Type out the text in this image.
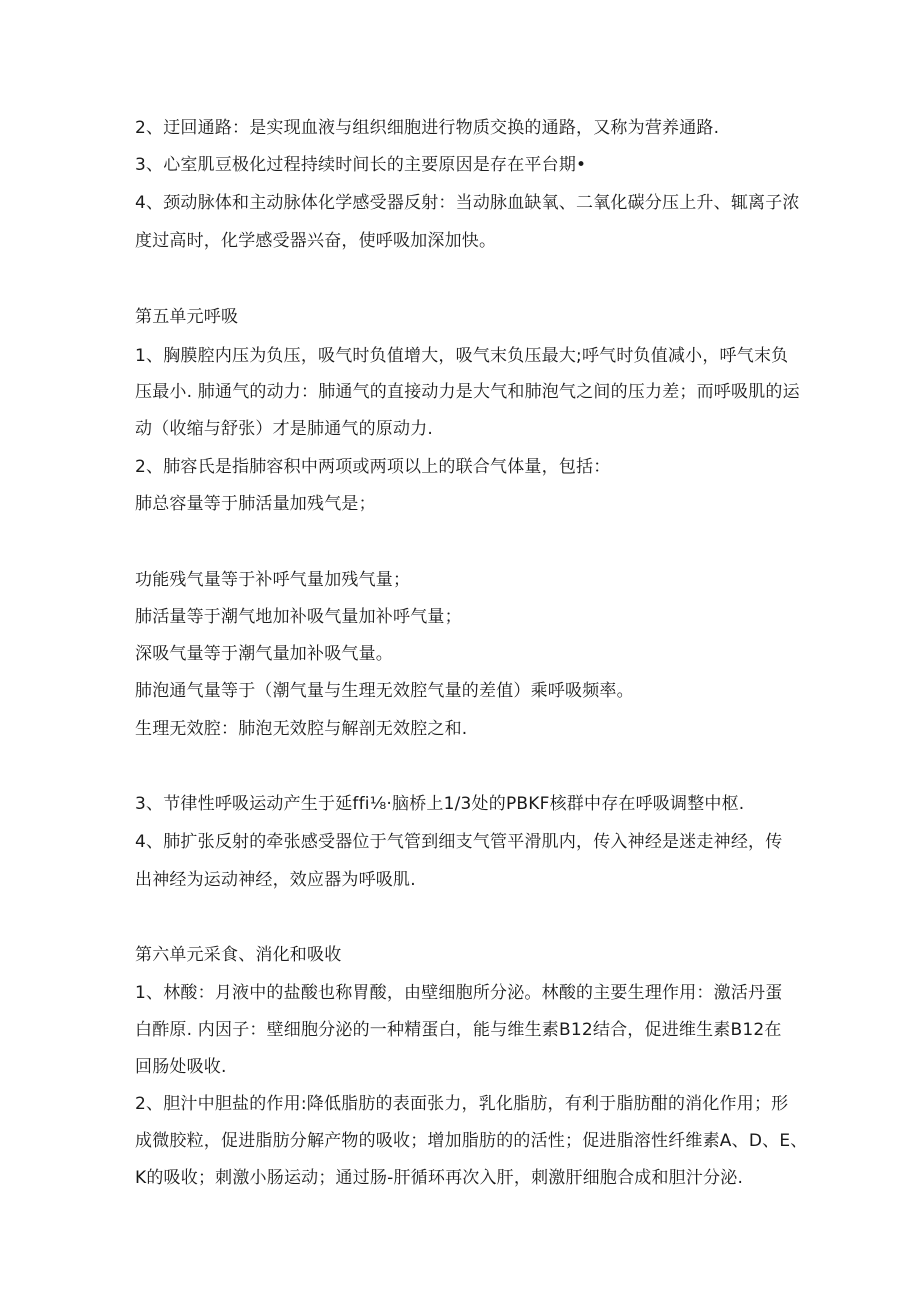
2、迂回通路：是实现血液与组织细胞进行物质交换的通路，又称为营养通路.
3、心室肌豆极化过程持续时间长的主要原因是存在平台期•
4、颈动脉体和主动脉体化学感受器反射：当动脉血缺氧、二氧化碳分压上升、辄离子浓
度过高时，化学感受器兴奋，使呼吸加深加快。
第五单元呼吸
1、胸膜腔内压为负压，吸气时负值增大，吸气末负压最大;呼气时负值减小，呼气末负
压最小. 肺通气的动力：肺通气的直接动力是大气和肺泡气之间的压力差；而呼吸肌的运
动（收缩与舒张）才是肺通气的原动力.
2、肺容氏是指肺容积中两项或两项以上的联合气体量，包括：
肺总容量等于肺活量加残气是；
功能残气量等于补呼气量加残气量；
肺活量等于潮气地加补吸气量加补呼气量；
深吸气量等于潮气量加补吸气量。
肺泡通气量等于（潮气量与生理无效腔气量的差值）乘呼吸频率。
生理无效腔：肺泡无效腔与解剖无效腔之和.
3、节律性呼吸运动产生于延ffi⅛·脑桥上1/3处的PBKF核群中存在呼吸调整中枢.
4、肺扩张反射的牵张感受器位于气管到细支气管平滑肌内，传入神经是迷走神经，传
出神经为运动神经，效应器为呼吸肌.
第六单元采食、消化和吸收
1、林酸：月液中的盐酸也称胃酸，由壁细胞所分泌。林酸的主要生理作用：激活丹蛋
白酢原. 内因子：壁细胞分泌的一种精蛋白，能与维生素B12结合，促进维生素B12在
回肠处吸收.
2、胆汁中胆盐的作用:降低脂肪的表面张力，乳化脂肪，有利于脂肪酣的消化作用；形
成微胶粒，促进脂肪分解产物的吸收；增加脂肪的的活性；促进脂溶性纤维素A、D、E、
K的吸收；刺激小肠运动；通过肠-肝循环再次入肝，刺激肝细胞合成和胆汁分泌.
